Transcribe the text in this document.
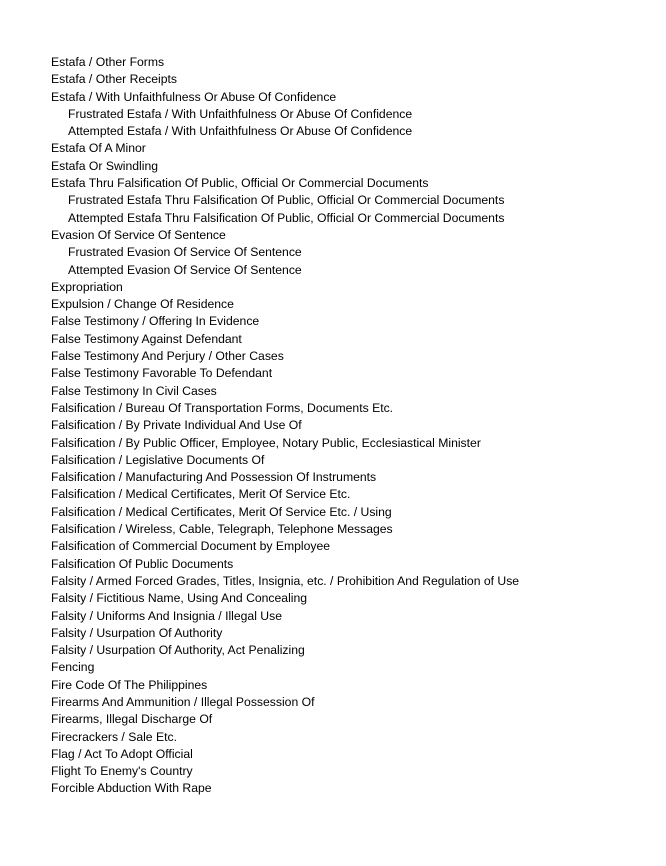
Estafa / Other Forms
Estafa / Other Receipts
Estafa / With Unfaithfulness Or Abuse Of Confidence
Frustrated Estafa / With Unfaithfulness Or Abuse Of Confidence
Attempted Estafa / With Unfaithfulness Or Abuse Of Confidence
Estafa Of A Minor
Estafa Or Swindling
Estafa Thru Falsification Of Public, Official Or Commercial Documents
Frustrated Estafa Thru Falsification Of Public, Official Or Commercial Documents
Attempted Estafa Thru Falsification Of Public, Official Or Commercial Documents
Evasion Of Service Of Sentence
Frustrated Evasion Of Service Of Sentence
Attempted Evasion Of Service Of Sentence
Expropriation
Expulsion / Change Of Residence
False Testimony / Offering In Evidence
False Testimony Against Defendant
False Testimony And Perjury / Other Cases
False Testimony Favorable To Defendant
False Testimony In Civil Cases
Falsification / Bureau Of Transportation Forms, Documents Etc.
Falsification / By Private Individual And Use Of
Falsification / By Public Officer, Employee, Notary Public, Ecclesiastical Minister
Falsification / Legislative Documents Of
Falsification / Manufacturing And Possession Of Instruments
Falsification / Medical Certificates, Merit Of Service Etc.
Falsification / Medical Certificates, Merit Of Service Etc. / Using
Falsification / Wireless, Cable, Telegraph, Telephone Messages
Falsification of Commercial Document by Employee
Falsification Of Public Documents
Falsity / Armed Forced Grades, Titles, Insignia, etc. / Prohibition And Regulation of Use
Falsity / Fictitious Name, Using And Concealing
Falsity / Uniforms And Insignia / Illegal Use
Falsity / Usurpation Of Authority
Falsity / Usurpation Of Authority, Act Penalizing
Fencing
Fire Code Of The Philippines
Firearms And Ammunition / Illegal Possession Of
Firearms, Illegal Discharge Of
Firecrackers / Sale Etc.
Flag / Act To Adopt Official
Flight To Enemy's Country
Forcible Abduction With Rape
